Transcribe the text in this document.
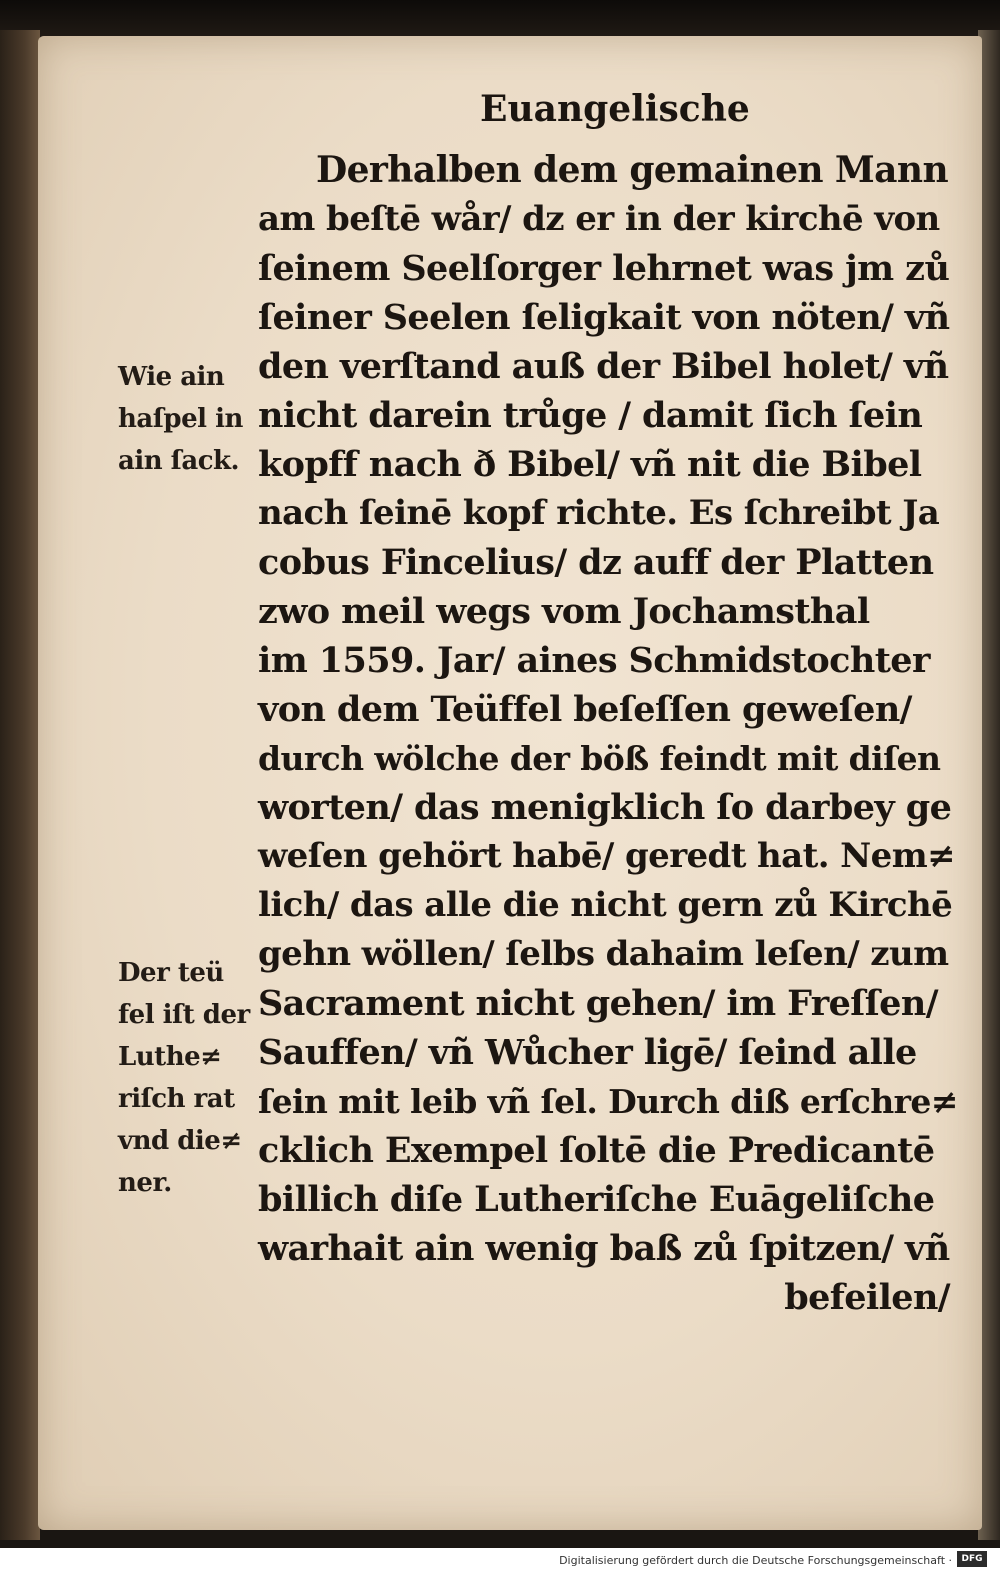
Euangelische
Derhalben dem gemainen Mann
am beſtē wår/ dz er in der kirchē von
ſeinem Seelſorger lehrnet was jm zů
ſeiner Seelen ſeligkait von nöten/ vñ
den verſtand auß der Bibel holet/ vñ
nicht darein trůge / damit ſich ſein
kopff nach ð Bibel/ vñ nit die Bibel
nach ſeinē kopf richte. Es ſchreibt Ja
cobus Fincelius/ dz auff der Platten
zwo meil wegs vom Jochamsthal
im 1559. Jar/ aines Schmidstochter
von dem Teüffel beſeſſen geweſen/
durch wölche der böß feindt mit diſen
worten/ das menigklich ſo darbey ge
weſen gehört habē/ geredt hat. Nem≠
lich/ das alle die nicht gern zů Kirchē
gehn wöllen/ ſelbs dahaim leſen/ zum
Sacrament nicht gehen/ im Freſſen/
Sauffen/ vñ Wůcher ligē/ ſeind alle
ſein mit leib vñ ſel. Durch diß erſchre≠
cklich Exempel ſoltē die Predicantē
billich diſe Lutheriſche Euāgeliſche
warhait ain wenig baß zů ſpitzen/ vñ
befeilen/
Wie ain
haſpel in
ain ſack.
Der teü
fel iſt der
Luthe≠
riſch rat
vnd die≠
ner.
Digitalisierung gefördert durch die Deutsche Forschungsgemeinschaft ·	DFG
